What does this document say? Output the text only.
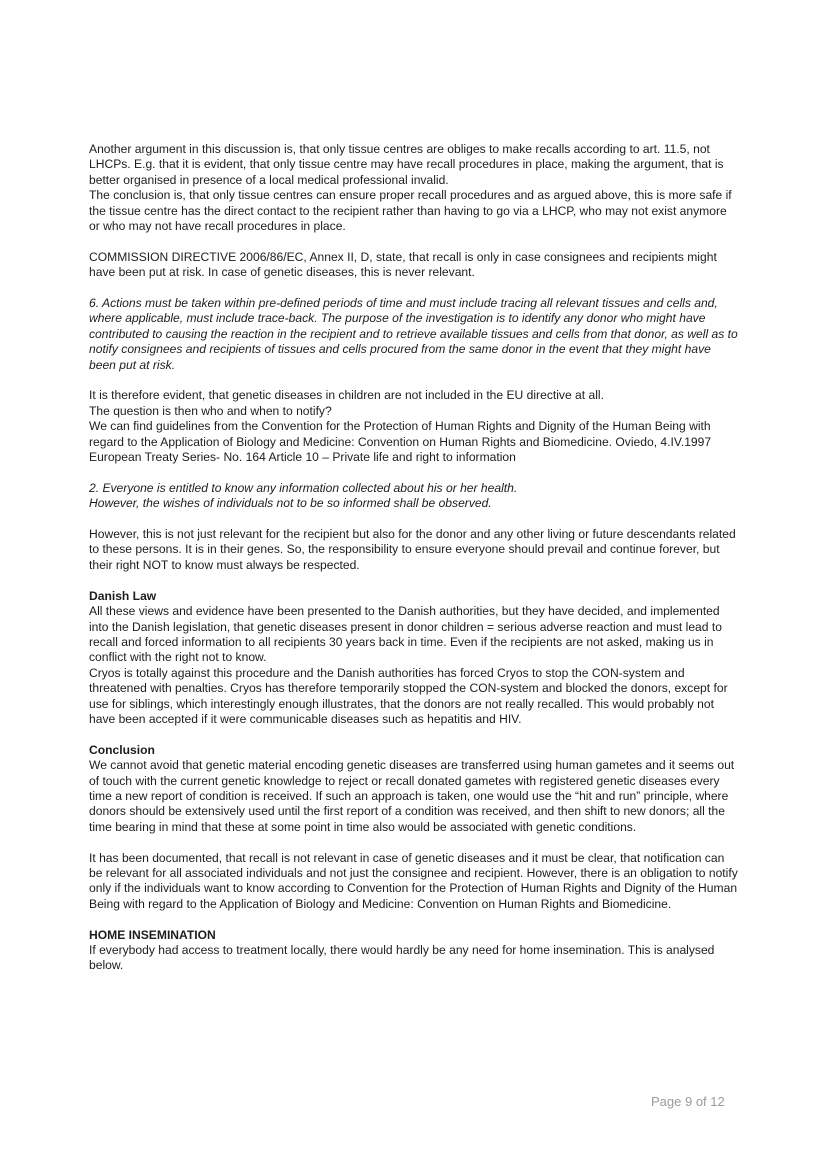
Another argument in this discussion is, that only tissue centres are obliges to make recalls according to art. 11.5, not LHCPs. E.g. that it is evident, that only tissue centre may have recall procedures in place, making the argument, that is better organised in presence of a local medical professional invalid.

The conclusion is, that only tissue centres can ensure proper recall procedures and as argued above, this is more safe if the tissue centre has the direct contact to the recipient rather than having to go via a LHCP, who may not exist anymore or who may not have recall procedures in place.

COMMISSION DIRECTIVE 2006/86/EC, Annex II, D, state, that recall is only in case consignees and recipients might have been put at risk. In case of genetic diseases, this is never relevant.

6. Actions must be taken within pre-defined periods of time and must include tracing all relevant tissues and cells and, where applicable, must include trace-back. The purpose of the investigation is to identify any donor who might have contributed to causing the reaction in the recipient and to retrieve available tissues and cells from that donor, as well as to notify consignees and recipients of tissues and cells procured from the same donor in the event that they might have been put at risk.

It is therefore evident, that genetic diseases in children are not included in the EU directive at all.

The question is then who and when to notify?

We can find guidelines from the Convention for the Protection of Human Rights and Dignity of the Human Being with regard to the Application of Biology and Medicine: Convention on Human Rights and Biomedicine. Oviedo, 4.IV.1997

European Treaty Series- No. 164 Article 10 – Private life and right to information

2. Everyone is entitled to know any information collected about his or her health.

However, the wishes of individuals not to be so informed shall be observed.

However, this is not just relevant for the recipient but also for the donor and any other living or future descendants related to these persons. It is in their genes. So, the responsibility to ensure everyone should prevail and continue forever, but their right NOT to know must always be respected.

Danish Law

All these views and evidence have been presented to the Danish authorities, but they have decided, and implemented into the Danish legislation, that genetic diseases present in donor children = serious adverse reaction and must lead to recall and forced information to all recipients 30 years back in time. Even if the recipients are not asked, making us in conflict with the right not to know.

Cryos is totally against this procedure and the Danish authorities has forced Cryos to stop the CON-system and threatened with penalties. Cryos has therefore temporarily stopped the CON-system and blocked the donors, except for use for siblings, which interestingly enough illustrates, that the donors are not really recalled. This would probably not have been accepted if it were communicable diseases such as hepatitis and HIV.

Conclusion

We cannot avoid that genetic material encoding genetic diseases are transferred using human gametes and it seems out of touch with the current genetic knowledge to reject or recall donated gametes with registered genetic diseases every time a new report of condition is received. If such an approach is taken, one would use the “hit and run” principle, where donors should be extensively used until the first report of a condition was received, and then shift to new donors; all the time bearing in mind that these at some point in time also would be associated with genetic conditions.

It has been documented, that recall is not relevant in case of genetic diseases and it must be clear, that notification can be relevant for all associated individuals and not just the consignee and recipient. However, there is an obligation to notify only if the individuals want to know according to Convention for the Protection of Human Rights and Dignity of the Human Being with regard to the Application of Biology and Medicine: Convention on Human Rights and Biomedicine.

HOME INSEMINATION

If everybody had access to treatment locally, there would hardly be any need for home insemination. This is analysed below.

Page 9 of 12
